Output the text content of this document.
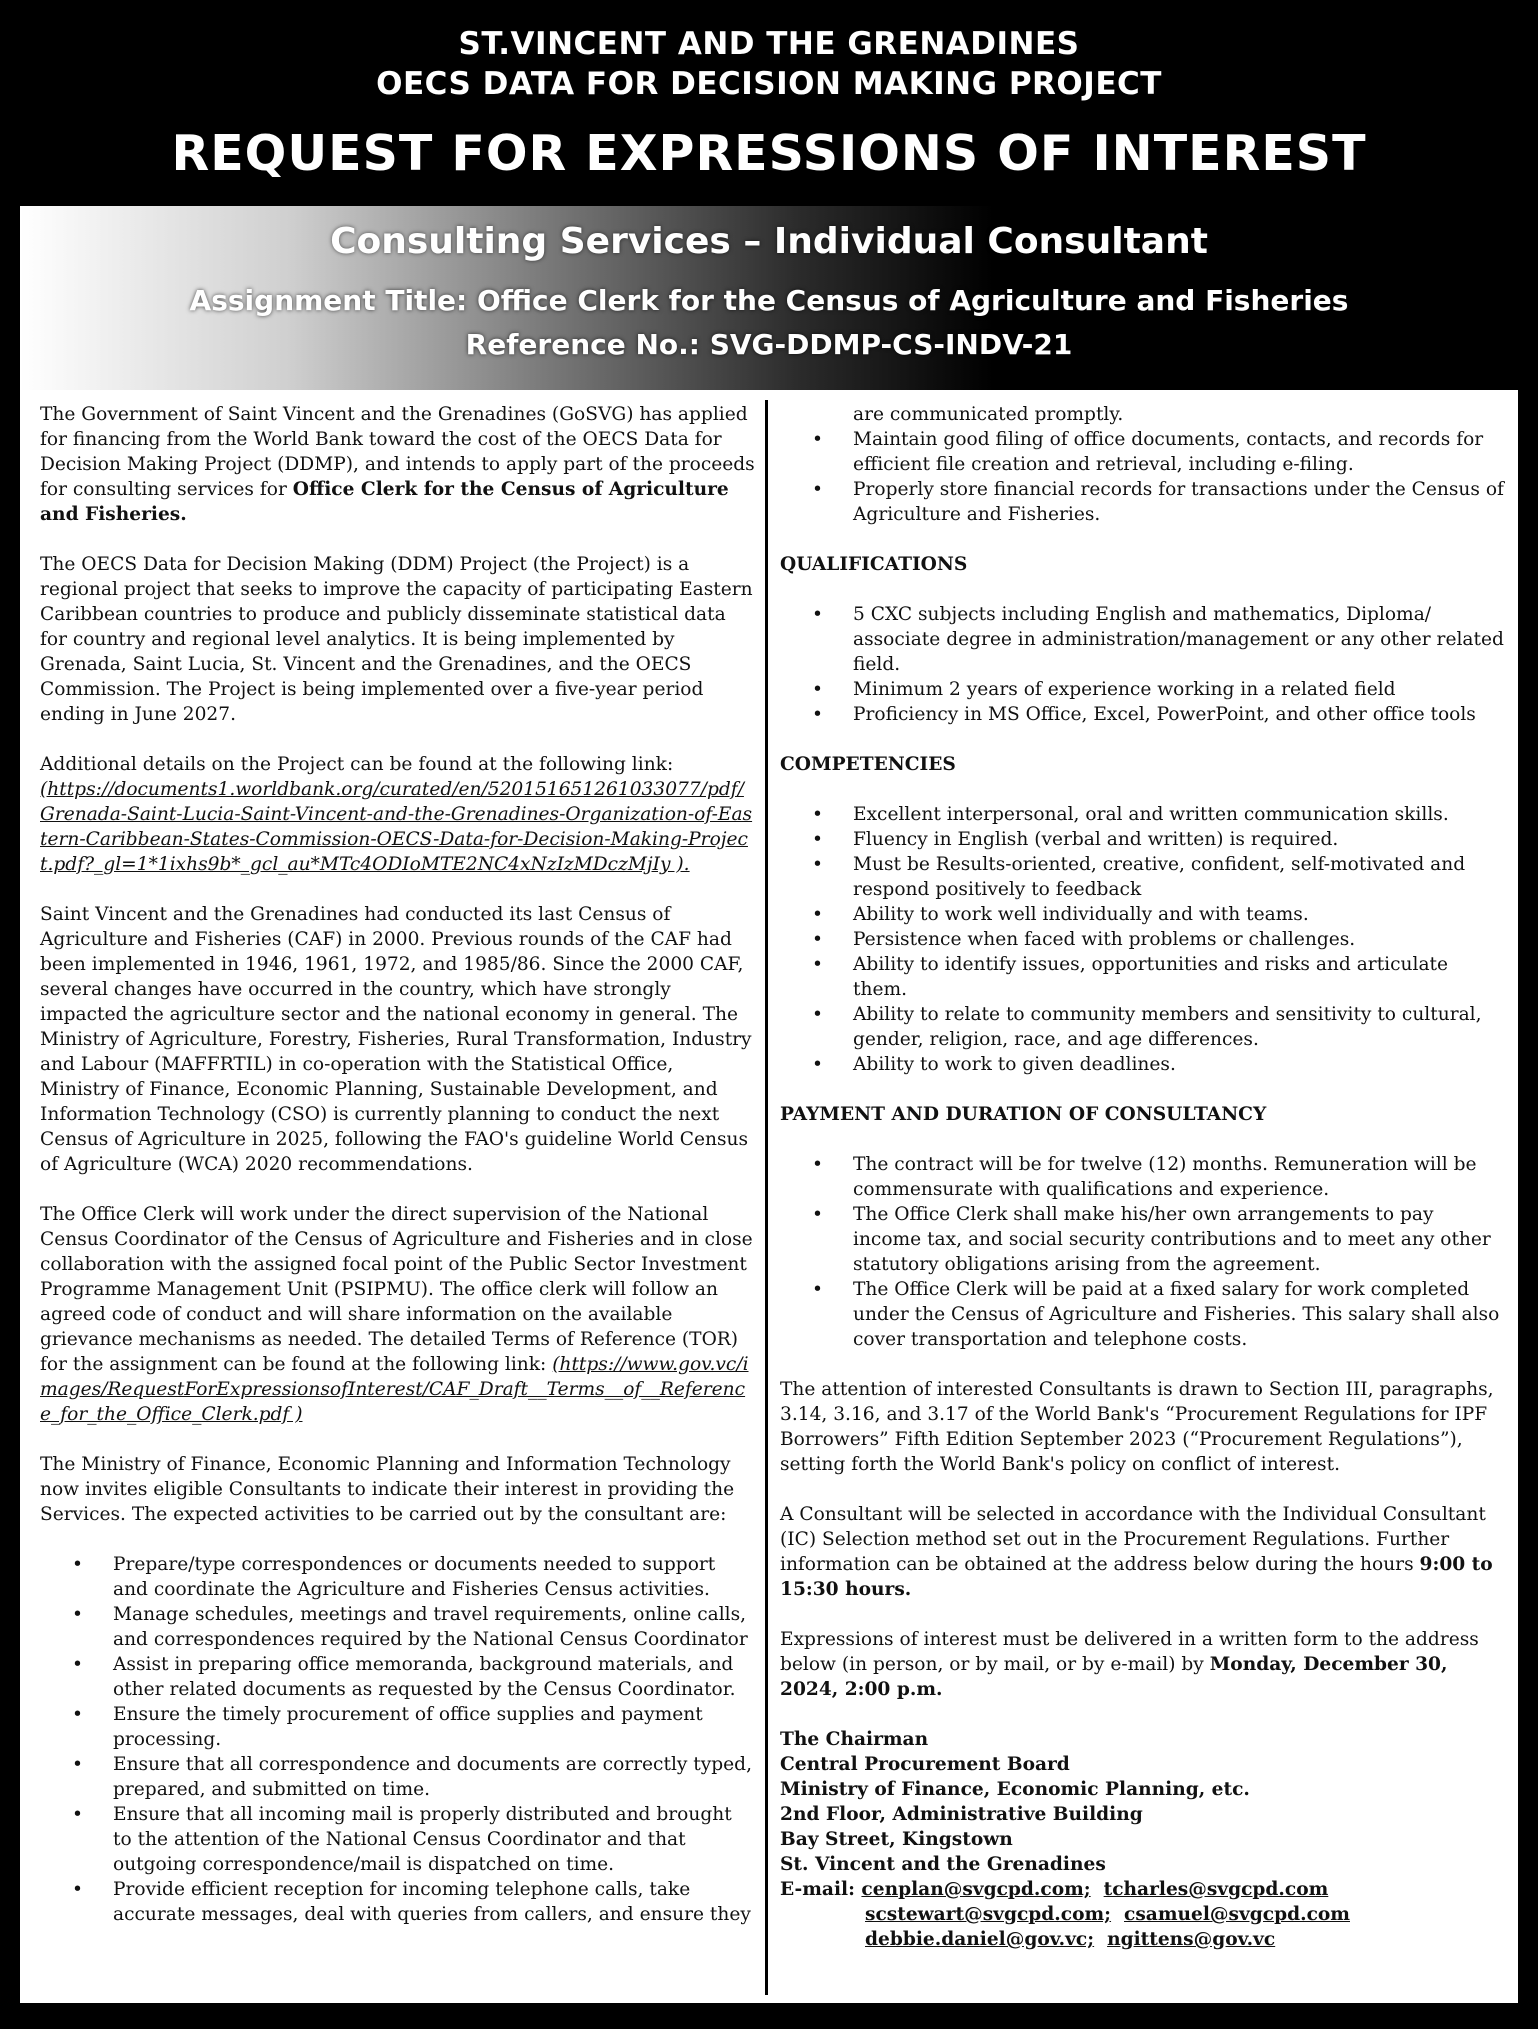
ST.VINCENT AND THE GRENADINES
OECS DATA FOR DECISION MAKING PROJECT
REQUEST FOR EXPRESSIONS OF INTEREST
Consulting Services – Individual Consultant
Assignment Title: Office Clerk for the Census of Agriculture and Fisheries
Reference No.: SVG-DDMP-CS-INDV-21

The Government of Saint Vincent and the Grenadines (GoSVG) has applied for financing from the World Bank toward the cost of the OECS Data for Decision Making Project (DDMP), and intends to apply part of the proceeds for consulting services for Office Clerk for the Census of Agriculture and Fisheries.

The OECS Data for Decision Making (DDM) Project (the Project) is a regional project that seeks to improve the capacity of participating Eastern Caribbean countries to produce and publicly disseminate statistical data for country and regional level analytics. It is being implemented by Grenada, Saint Lucia, St. Vincent and the Grenadines, and the OECS Commission. The Project is being implemented over a five-year period ending in June 2027.

Additional details on the Project can be found at the following link:
(https://documents1.worldbank.org/curated/en/520151651261033077/pdf/Grenada-Saint-Lucia-Saint-Vincent-and-the-Grenadines-Organization-of-Eastern-Caribbean-States-Commission-OECS-Data-for-Decision-Making-Project.pdf?_gl=1*1ixhs9b*_gcl_au*MTc4ODIoMTE2NC4xNzIzMDczMjIy ).

Saint Vincent and the Grenadines had conducted its last Census of Agriculture and Fisheries (CAF) in 2000. Previous rounds of the CAF had been implemented in 1946, 1961, 1972, and 1985/86. Since the 2000 CAF, several changes have occurred in the country, which have strongly impacted the agriculture sector and the national economy in general. The Ministry of Agriculture, Forestry, Fisheries, Rural Transformation, Industry and Labour (MAFFRTIL) in co-operation with the Statistical Office, Ministry of Finance, Economic Planning, Sustainable Development, and Information Technology (CSO) is currently planning to conduct the next Census of Agriculture in 2025, following the FAO's guideline World Census of Agriculture (WCA) 2020 recommendations.

The Office Clerk will work under the direct supervision of the National Census Coordinator of the Census of Agriculture and Fisheries and in close collaboration with the assigned focal point of the Public Sector Investment Programme Management Unit (PSIPMU). The office clerk will follow an agreed code of conduct and will share information on the available grievance mechanisms as needed. The detailed Terms of Reference (TOR) for the assignment can be found at the following link: (https://www.gov.vc/images/RequestForExpressionsofInterest/CAF_Draft__Terms__of__Reference_for_the_Office_Clerk.pdf )

The Ministry of Finance, Economic Planning and Information Technology now invites eligible Consultants to indicate their interest in providing the Services. The expected activities to be carried out by the consultant are:

• Prepare/type correspondences or documents needed to support and coordinate the Agriculture and Fisheries Census activities.
• Manage schedules, meetings and travel requirements, online calls, and correspondences required by the National Census Coordinator
• Assist in preparing office memoranda, background materials, and other related documents as requested by the Census Coordinator.
• Ensure the timely procurement of office supplies and payment processing.
• Ensure that all correspondence and documents are correctly typed, prepared, and submitted on time.
• Ensure that all incoming mail is properly distributed and brought to the attention of the National Census Coordinator and that outgoing correspondence/mail is dispatched on time.
• Provide efficient reception for incoming telephone calls, take accurate messages, deal with queries from callers, and ensure they
are communicated promptly.
• Maintain good filing of office documents, contacts, and records for efficient file creation and retrieval, including e-filing.
• Properly store financial records for transactions under the Census of Agriculture and Fisheries.
QUALIFICATIONS
• 5 CXC subjects including English and mathematics, Diploma/ associate degree in administration/management or any other related field.
• Minimum 2 years of experience working in a related field
• Proficiency in MS Office, Excel, PowerPoint, and other office tools
COMPETENCIES
• Excellent interpersonal, oral and written communication skills.
• Fluency in English (verbal and written) is required.
• Must be Results-oriented, creative, confident, self-motivated and respond positively to feedback
• Ability to work well individually and with teams.
• Persistence when faced with problems or challenges.
• Ability to identify issues, opportunities and risks and articulate them.
• Ability to relate to community members and sensitivity to cultural, gender, religion, race, and age differences.
• Ability to work to given deadlines.
PAYMENT AND DURATION OF CONSULTANCY
• The contract will be for twelve (12) months. Remuneration will be commensurate with qualifications and experience.
• The Office Clerk shall make his/her own arrangements to pay income tax, and social security contributions and to meet any other statutory obligations arising from the agreement.
• The Office Clerk will be paid at a fixed salary for work completed under the Census of Agriculture and Fisheries. This salary shall also cover transportation and telephone costs.

The attention of interested Consultants is drawn to Section III, paragraphs, 3.14, 3.16, and 3.17 of the World Bank's “Procurement Regulations for IPF Borrowers” Fifth Edition September 2023 (“Procurement Regulations”), setting forth the World Bank's policy on conflict of interest.

A Consultant will be selected in accordance with the Individual Consultant (IC) Selection method set out in the Procurement Regulations. Further information can be obtained at the address below during the hours 9:00 to 15:30 hours.

Expressions of interest must be delivered in a written form to the address below (in person, or by mail, or by e-mail) by Monday, December 30, 2024, 2:00 p.m.

The Chairman
Central Procurement Board
Ministry of Finance, Economic Planning, etc.
2nd Floor, Administrative Building
Bay Street, Kingstown
St. Vincent and the Grenadines
E-mail: cenplan@svgcpd.com; tcharles@svgcpd.com
scstewart@svgcpd.com; csamuel@svgcpd.com
debbie.daniel@gov.vc; ngittens@gov.vc
